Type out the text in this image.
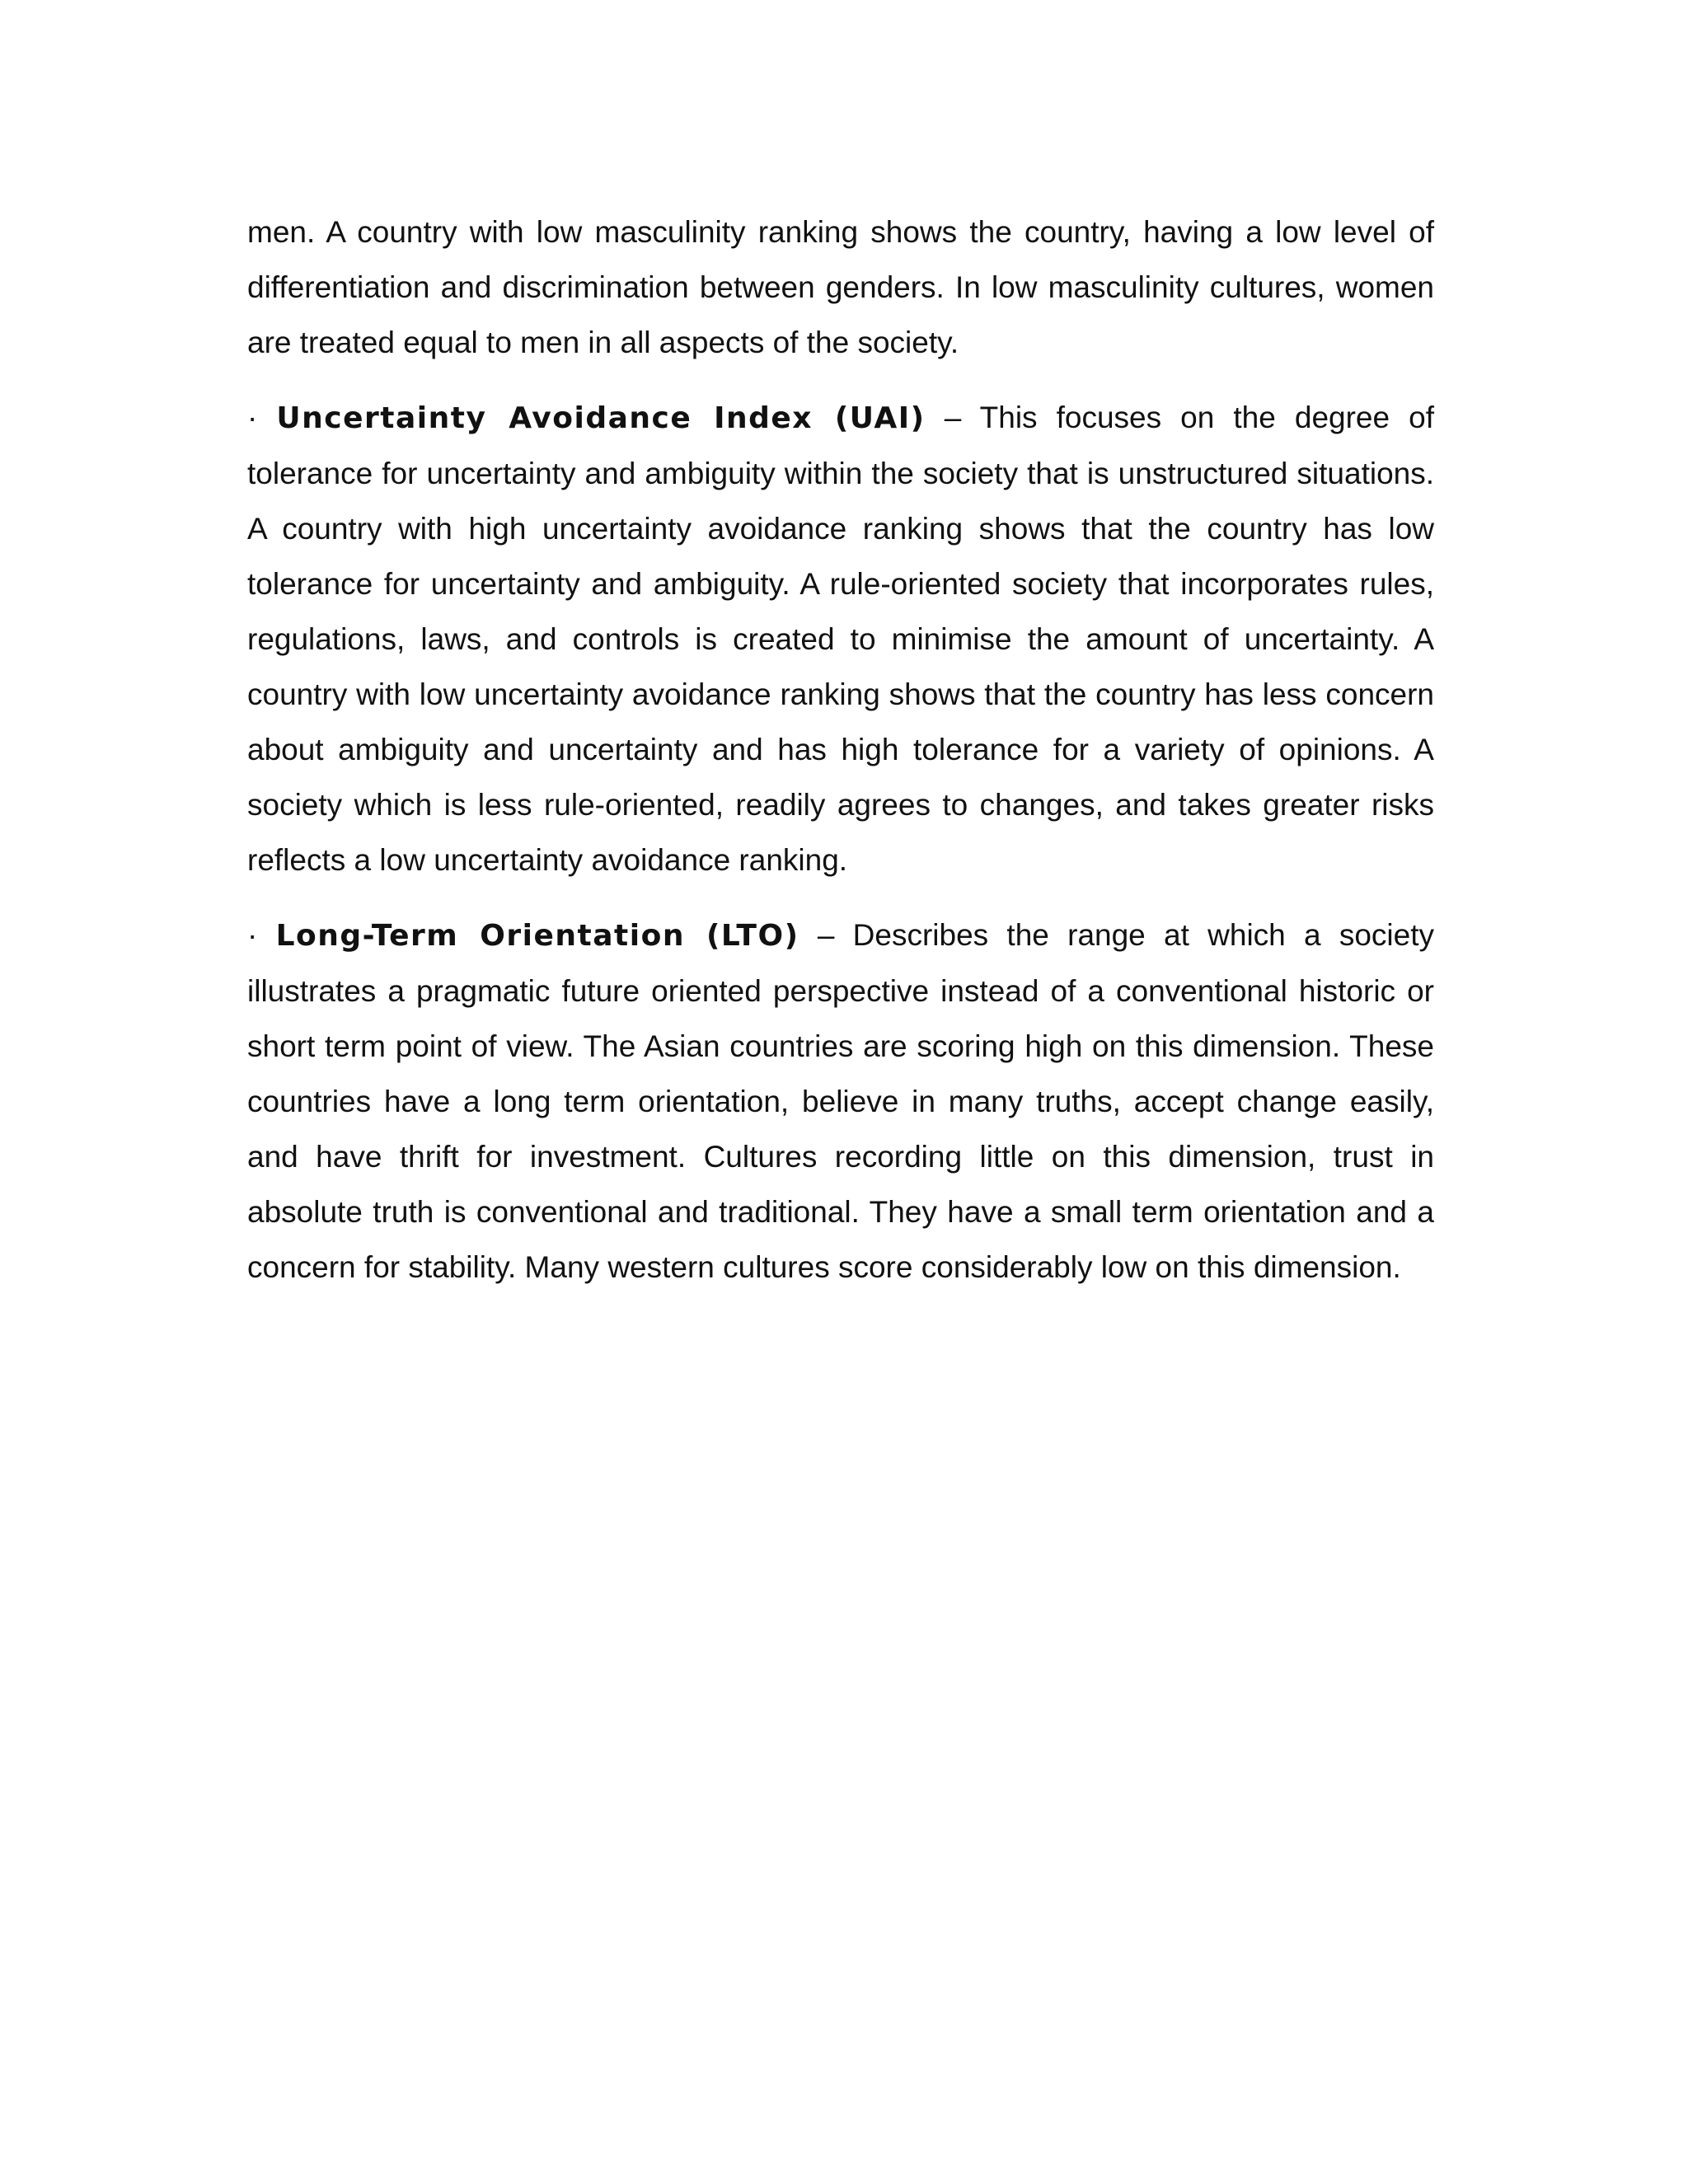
men. A country with low masculinity ranking shows the country, having a low level of differentiation and discrimination between genders. In low masculinity cultures, women are treated equal to men in all aspects of the society.

· Uncertainty Avoidance Index (UAI) – This focuses on the degree of tolerance for uncertainty and ambiguity within the society that is unstructured situations. A country with high uncertainty avoidance ranking shows that the country has low tolerance for uncertainty and ambiguity. A rule-oriented society that incorporates rules, regulations, laws, and controls is created to minimise the amount of uncertainty. A country with low uncertainty avoidance ranking shows that the country has less concern about ambiguity and uncertainty and has high tolerance for a variety of opinions. A society which is less rule-oriented, readily agrees to changes, and takes greater risks reflects a low uncertainty avoidance ranking.

· Long-Term Orientation (LTO) – Describes the range at which a society illustrates a pragmatic future oriented perspective instead of a conventional historic or short term point of view. The Asian countries are scoring high on this dimension. These countries have a long term orientation, believe in many truths, accept change easily, and have thrift for investment. Cultures recording little on this dimension, trust in absolute truth is conventional and traditional. They have a small term orientation and a concern for stability. Many western cultures score considerably low on this dimension.
